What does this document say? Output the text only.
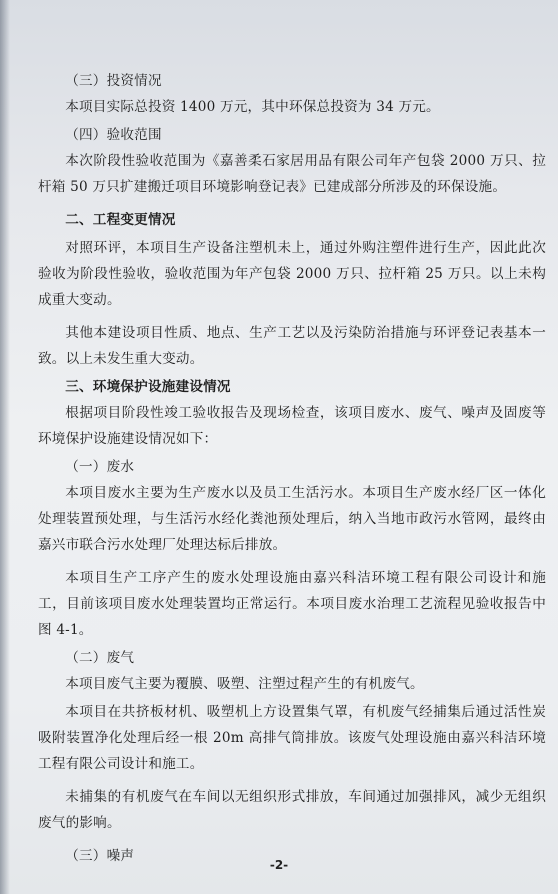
（三）投资情况

本项目实际总投资 1400 万元，其中环保总投资为 34 万元。

（四）验收范围

本次阶段性验收范围为《嘉善柔石家居用品有限公司年产包袋 2000 万只、拉杆箱 50 万只扩建搬迁项目环境影响登记表》已建成部分所涉及的环保设施。

二、工程变更情况

对照环评，本项目生产设备注塑机未上，通过外购注塑件进行生产，因此此次验收为阶段性验收，验收范围为年产包袋 2000 万只、拉杆箱 25 万只。以上未构成重大变动。

其他本建设项目性质、地点、生产工艺以及污染防治措施与环评登记表基本一致。以上未发生重大变动。

三、环境保护设施建设情况

根据项目阶段性竣工验收报告及现场检查，该项目废水、废气、噪声及固废等环境保护设施建设情况如下：

（一）废水

本项目废水主要为生产废水以及员工生活污水。本项目生产废水经厂区一体化处理装置预处理，与生活污水经化粪池预处理后，纳入当地市政污水管网，最终由嘉兴市联合污水处理厂处理达标后排放。

本项目生产工序产生的废水处理设施由嘉兴科洁环境工程有限公司设计和施工，目前该项目废水处理装置均正常运行。本项目废水治理工艺流程见验收报告中图 4-1。

（二）废气

本项目废气主要为覆膜、吸塑、注塑过程产生的有机废气。

本项目在共挤板材机、吸塑机上方设置集气罩，有机废气经捕集后通过活性炭吸附装置净化处理后经一根 20m 高排气筒排放。该废气处理设施由嘉兴科洁环境工程有限公司设计和施工。

未捕集的有机废气在车间以无组织形式排放，车间通过加强排风，减少无组织废气的影响。

（三）噪声

-2-
